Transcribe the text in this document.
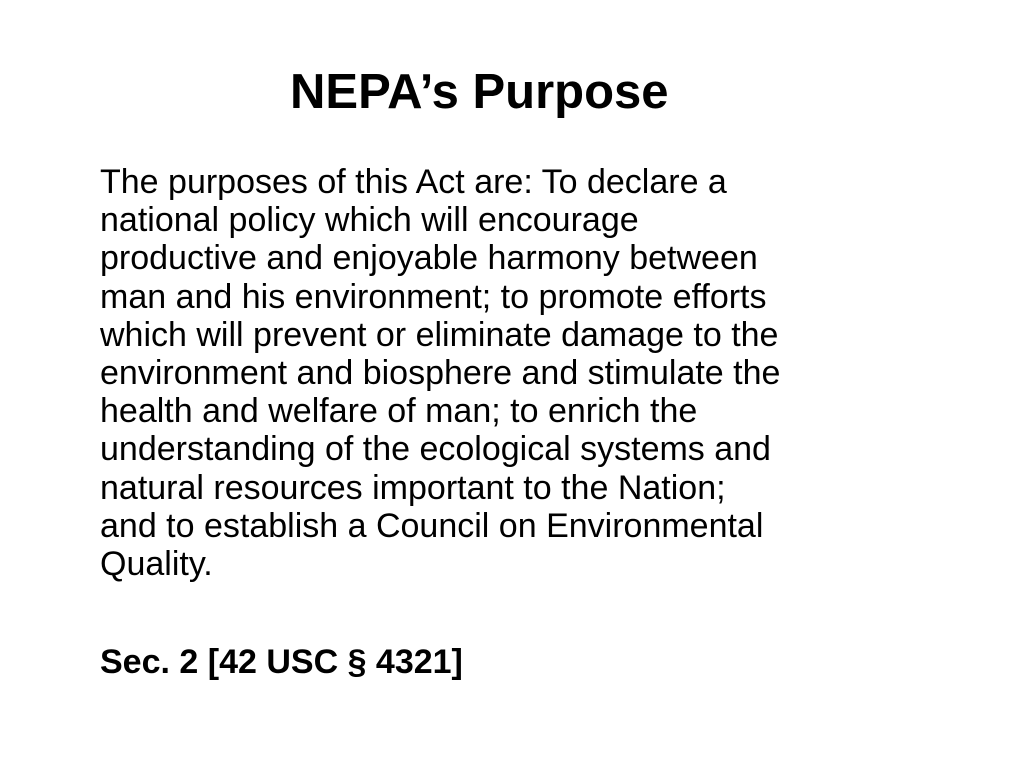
NEPA’s Purpose

The purposes of this Act are: To declare a
national policy which will encourage
productive and enjoyable harmony between
man and his environment; to promote efforts
which will prevent or eliminate damage to the
environment and biosphere and stimulate the
health and welfare of man; to enrich the
understanding of the ecological systems and
natural resources important to the Nation;
and to establish a Council on Environmental
Quality.

Sec. 2 [42 USC § 4321]
